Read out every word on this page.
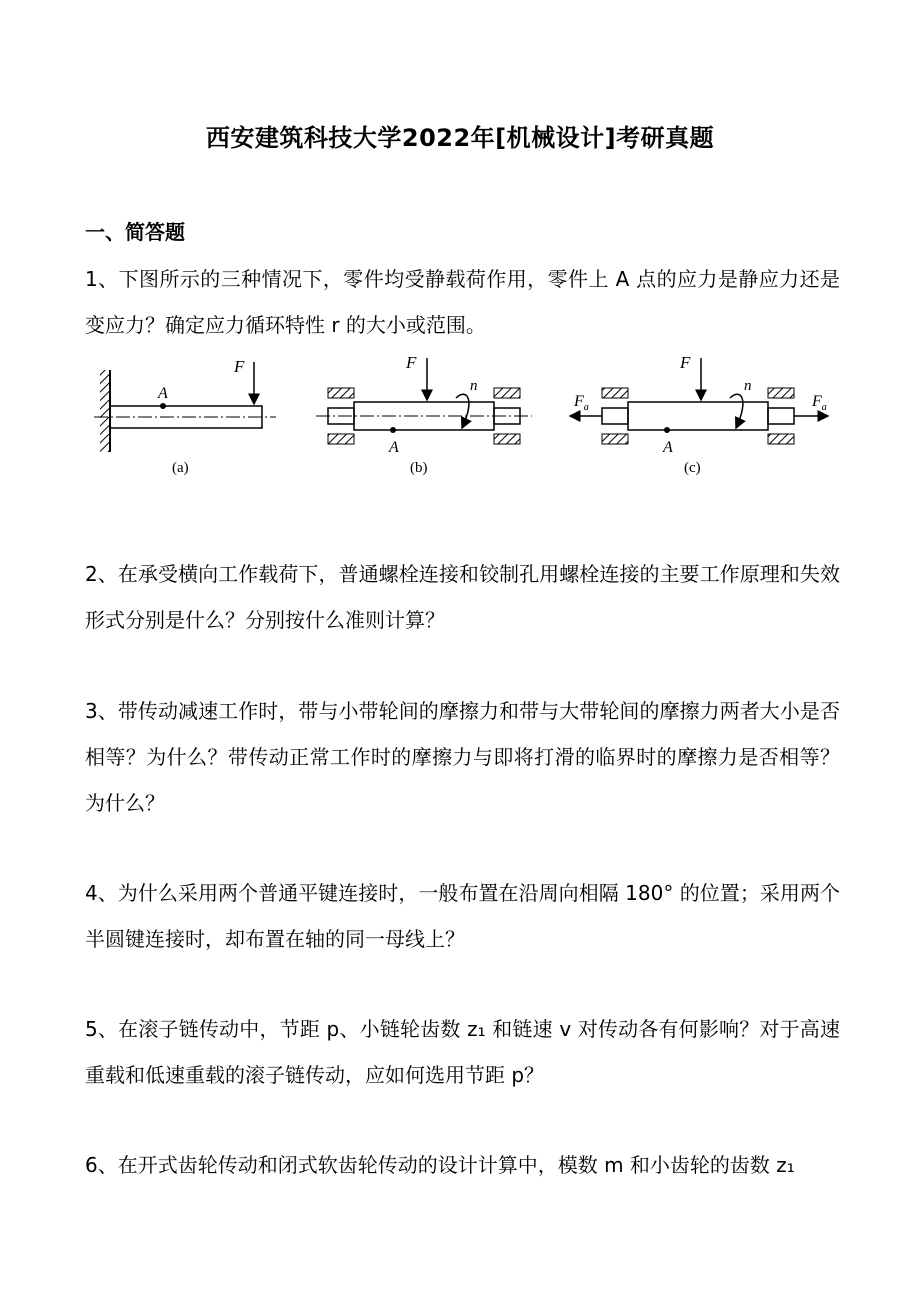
西安建筑科技大学2022年[机械设计]考研真题
一、简答题
1、下图所示的三种情况下，零件均受静载荷作用，零件上 A 点的应力是静应力还是变应力？确定应力循环特性 r 的大小或范围。
A
F
(a)
A
F
n
(b)
A
F
n
$F_a$	$F_a$
(c)
2、在承受横向工作载荷下，普通螺栓连接和铰制孔用螺栓连接的主要工作原理和失效形式分别是什么？分别按什么准则计算？
3、带传动减速工作时，带与小带轮间的摩擦力和带与大带轮间的摩擦力两者大小是否相等？为什么？带传动正常工作时的摩擦力与即将打滑的临界时的摩擦力是否相等？为什么？
4、为什么采用两个普通平键连接时，一般布置在沿周向相隔 180° 的位置；采用两个半圆键连接时，却布置在轴的同一母线上？
5、在滚子链传动中，节距 p、小链轮齿数 z₁ 和链速 v 对传动各有何影响？对于高速重载和低速重载的滚子链传动，应如何选用节距 p？
6、在开式齿轮传动和闭式软齿轮传动的设计计算中，模数 m 和小齿轮的齿数 z₁
